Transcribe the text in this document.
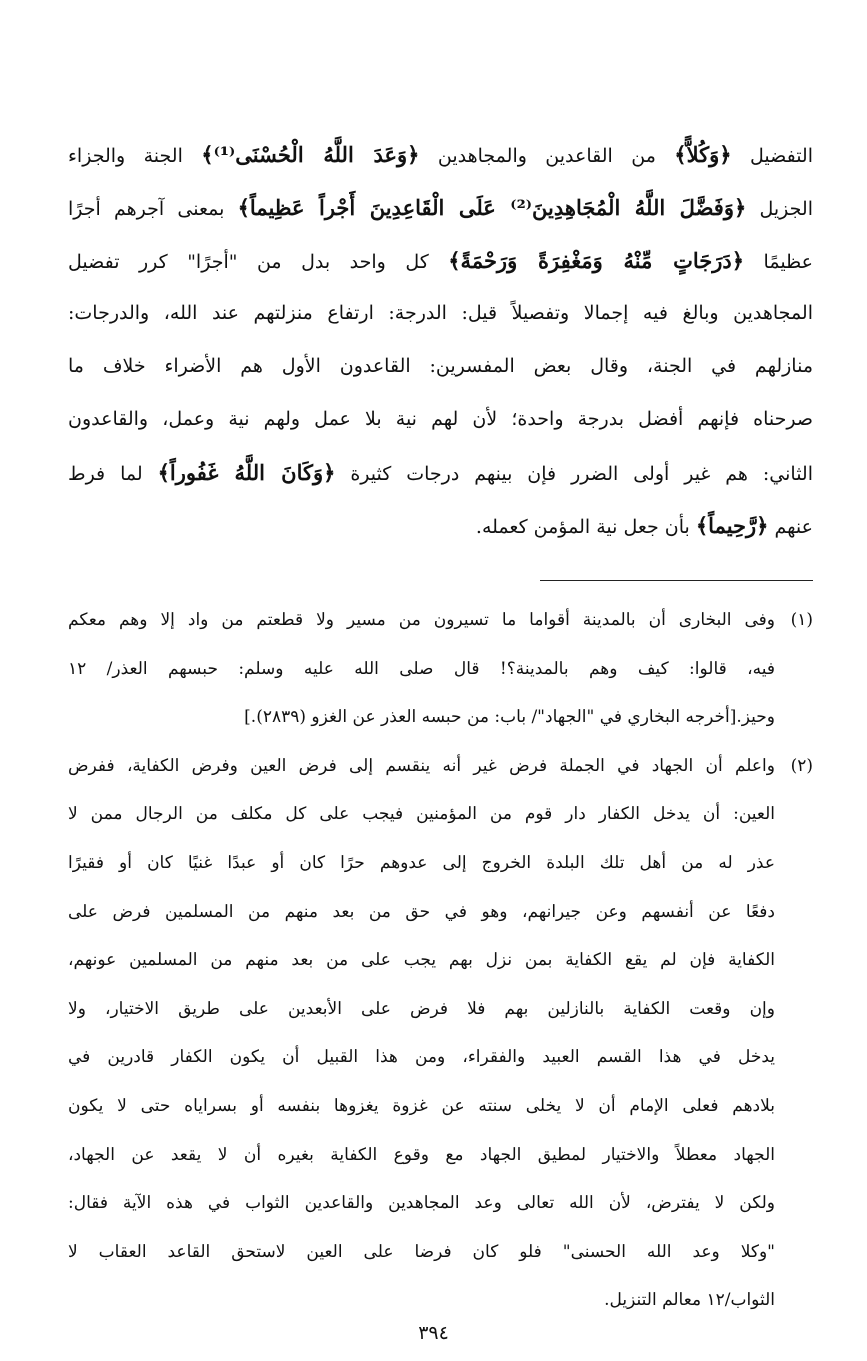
التفضيل ﴿وَكُلاًّ﴾ من القاعدين والمجاهدين ﴿وَعَدَ اللَّهُ الْحُسْنَى⁽¹⁾﴾ الجنة والجزاء
الجزيل ﴿وَفَضَّلَ اللَّهُ الْمُجَاهِدِينَ⁽²⁾ عَلَى الْقَاعِدِينَ أَجْراً عَظِيماً﴾ بمعنى آجرهم أجرًا
عظيمًا ﴿دَرَجَاتٍ مِّنْهُ وَمَغْفِرَةً وَرَحْمَةً﴾ كل واحد بدل من "أجرًا" كرر تفضيل
المجاهدين وبالغ فيه إجمالا وتفصيلاً قيل: الدرجة: ارتفاع منزلتهم عند الله، والدرجات:
منازلهم في الجنة، وقال بعض المفسرين: القاعدون الأول هم الأضراء خلاف ما
صرحناه فإنهم أفضل بدرجة واحدة؛ لأن لهم نية بلا عمل ولهم نية وعمل، والقاعدون
الثاني: هم غير أولى الضرر فإن بينهم درجات كثيرة ﴿وَكَانَ اللَّهُ غَفُوراً﴾ لما فرط
عنهم ﴿رَّحِيماً﴾ بأن جعل نية المؤمن كعمله.
(١)وفى البخارى أن بالمدينة أقواما ما تسيرون من مسير ولا قطعتم من واد إلا وهم معكم
فيه، قالوا: كيف وهم بالمدينة؟! قال صلى الله عليه وسلم: حبسهم العذر/ ١٢
وحيز.[أخرجه البخاري في "الجهاد"/ باب: من حبسه العذر عن الغزو (٢٨٣٩).]
(٢)واعلم أن الجهاد في الجملة فرض غير أنه ينقسم إلى فرض العين وفرض الكفاية، ففرض
العين: أن يدخل الكفار دار قوم من المؤمنين فيجب على كل مكلف من الرجال ممن لا
عذر له من أهل تلك البلدة الخروج إلى عدوهم حرًا كان أو عبدًا غنيًا كان أو فقيرًا
دفعًا عن أنفسهم وعن جيرانهم، وهو في حق من بعد منهم من المسلمين فرض على
الكفاية فإن لم يقع الكفاية بمن نزل بهم يجب على من بعد منهم من المسلمين عونهم،
وإن وقعت الكفاية بالنازلين بهم فلا فرض على الأبعدين على طريق الاختيار، ولا
يدخل في هذا القسم العبيد والفقراء، ومن هذا القبيل أن يكون الكفار قادرين في
بلادهم فعلى الإمام أن لا يخلى سنته عن غزوة يغزوها بنفسه أو بسراياه حتى لا يكون
الجهاد معطلاً والاختيار لمطيق الجهاد مع وقوع الكفاية بغيره أن لا يقعد عن الجهاد،
ولكن لا يفترض، لأن الله تعالى وعد المجاهدين والقاعدين الثواب في هذه الآية فقال:
"وكلا وعد الله الحسنى" فلو كان فرضا على العين لاستحق القاعد العقاب لا
الثواب/١٢ معالم التنزيل.
٣٩٤
